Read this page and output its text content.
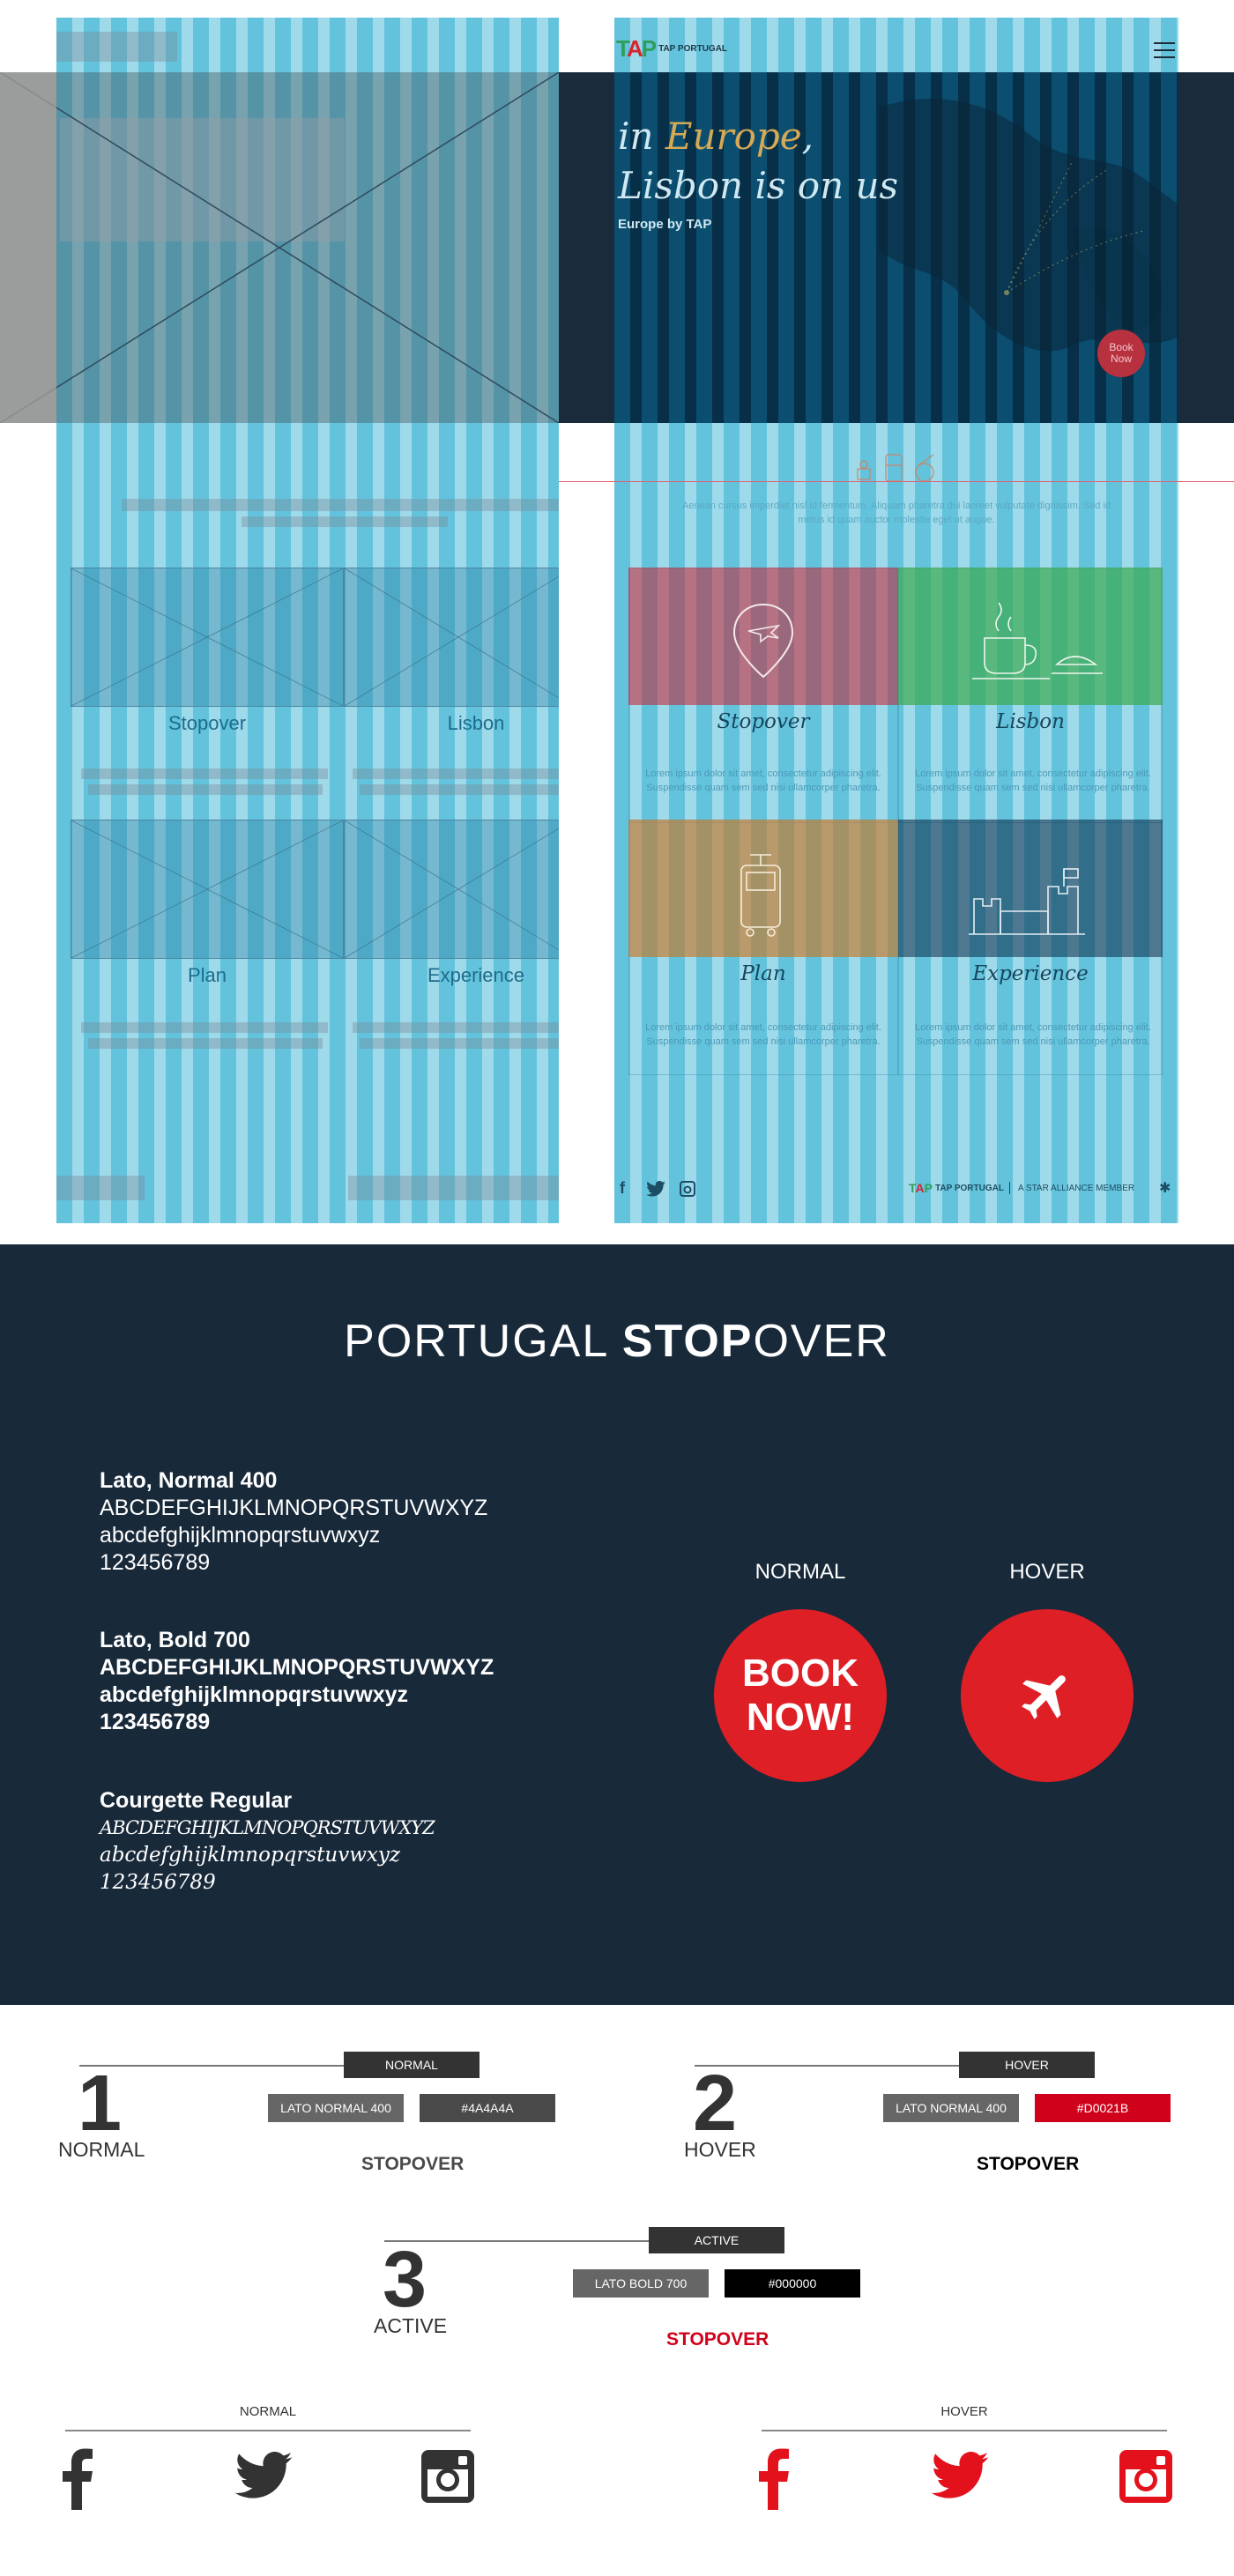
Stopover	Lisbon
Plan	Experience
TAP TAP PORTUGAL
in Europe,
Lisbon is on us
Europe by TAP
Book Now
Aenean cursus imperdiet nisl id fermentum. Aliquam pharetra dui laoreet vulputate dignissim. Sed id metus id quam auctor molestie eget ut augue.
Stopover	Lisbon
Lorem ipsum dolor sit amet, consectetur adipiscing elit. Suspendisse quam sem sed nisi ullamcorper pharetra.
Lorem ipsum dolor sit amet, consectetur adipiscing elit. Suspendisse quam sem sed nisi ullamcorper pharetra.
Plan	Experience
Lorem ipsum dolor sit amet, consectetur adipiscing elit. Suspendisse quam sem sed nisi ullamcorper pharetra.
Lorem ipsum dolor sit amet, consectetur adipiscing elit. Suspendisse quam sem sed nisi ullamcorper pharetra.
f	TAP TAP PORTUGAL A STAR ALLIANCE MEMBER ✱
PORTUGAL STOPOVER
Lato, Normal 400
ABCDEFGHIJKLMNOPQRSTUVWXYZ
abcdefghijklmnopqrstuvwxyz
123456789
Lato, Bold 700
ABCDEFGHIJKLMNOPQRSTUVWXYZ
abcdefghijklmnopqrstuvwxyz
123456789
Courgette Regular
ABCDEFGHIJKLMNOPQRSTUVWXYZ
abcdefghijklmnopqrstuvwxyz
123456789
NORMAL	HOVER
BOOK
NOW!
NORMAL
1
NORMAL
LATO NORMAL 400	#4A4A4A
STOPOVER
HOVER
2
HOVER
LATO NORMAL 400	#D0021B
STOPOVER
ACTIVE
3
ACTIVE
LATO BOLD 700	#000000
STOPOVER
NORMAL	HOVER
